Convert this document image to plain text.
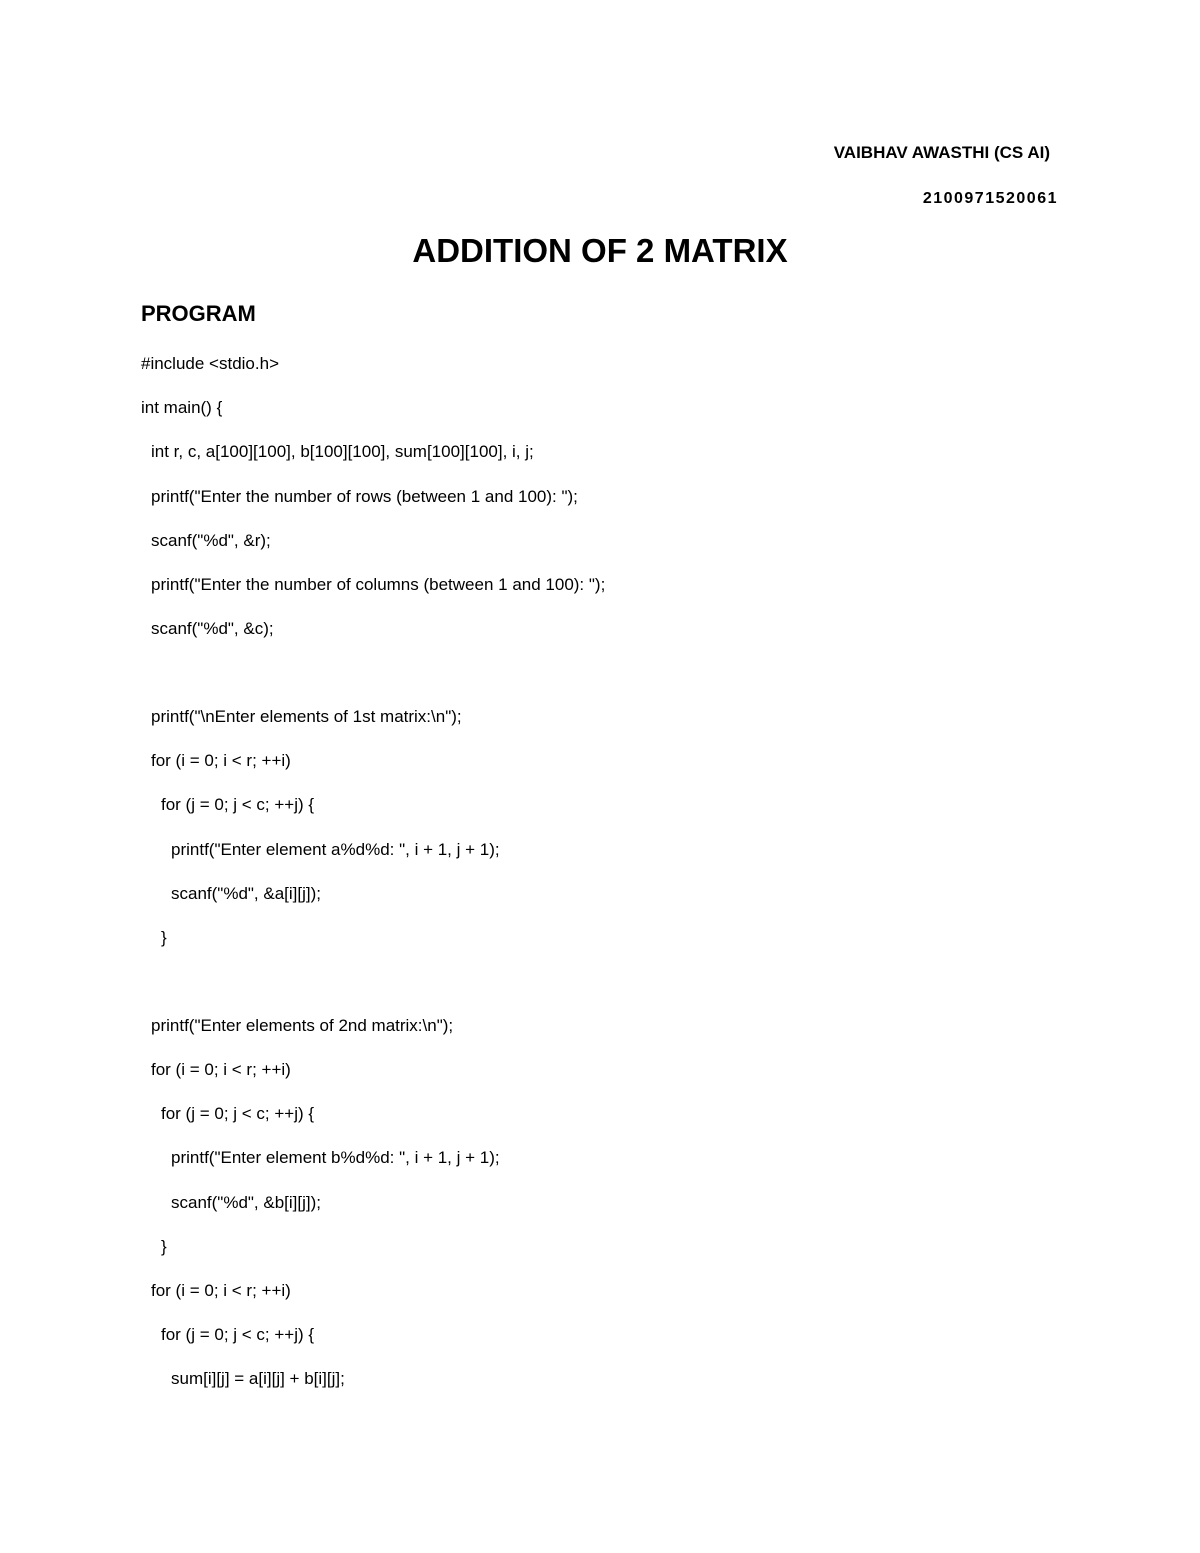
VAIBHAV AWASTHI (CS AI)
2100971520061
ADDITION OF 2 MATRIX
PROGRAM
#include <stdio.h>
int main() {
int r, c, a[100][100], b[100][100], sum[100][100], i, j;
printf("Enter the number of rows (between 1 and 100): ");
scanf("%d", &r);
printf("Enter the number of columns (between 1 and 100): ");
scanf("%d", &c);
printf("\nEnter elements of 1st matrix:\n");
for (i = 0; i < r; ++i)
for (j = 0; j < c; ++j) {
printf("Enter element a%d%d: ", i + 1, j + 1);
scanf("%d", &a[i][j]);
}
printf("Enter elements of 2nd matrix:\n");
for (i = 0; i < r; ++i)
for (j = 0; j < c; ++j) {
printf("Enter element b%d%d: ", i + 1, j + 1);
scanf("%d", &b[i][j]);
}
for (i = 0; i < r; ++i)
for (j = 0; j < c; ++j) {
sum[i][j] = a[i][j] + b[i][j];
